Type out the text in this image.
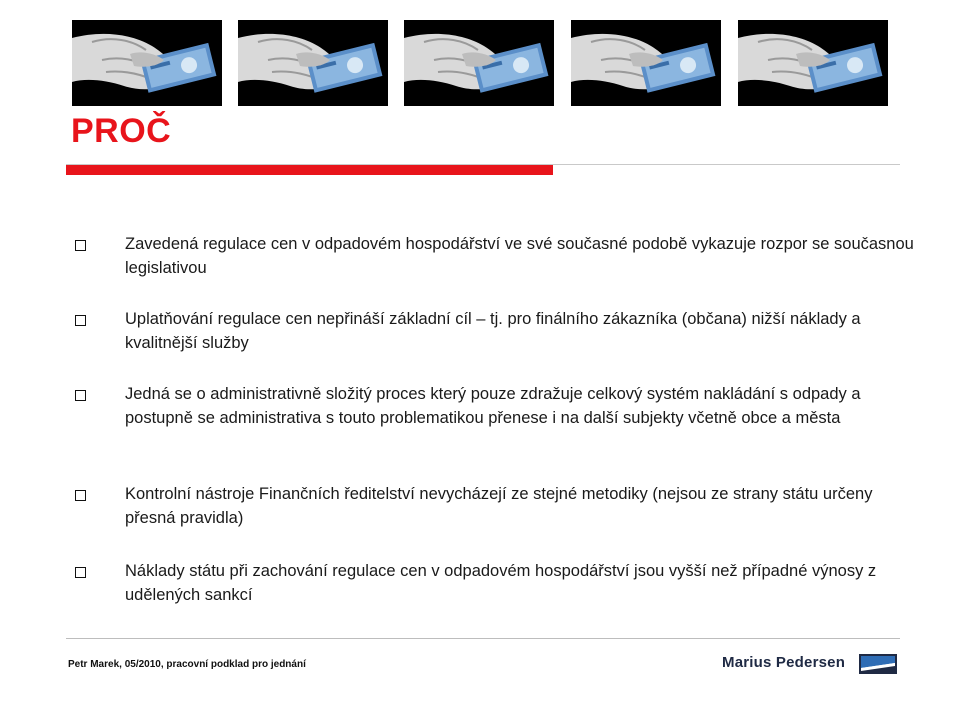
PROČ
Zavedená regulace cen v odpadovém hospodářství ve své současné podobě vykazuje rozpor se současnou legislativou
Uplatňování regulace cen nepřináší základní cíl – tj. pro finálního zákazníka (občana) nižší náklady a kvalitnější služby
Jedná se o administrativně složitý proces který pouze zdražuje celkový systém nakládání s odpady a postupně se administrativa s touto problematikou přenese i na další subjekty včetně obce a města
Kontrolní nástroje Finančních ředitelství nevycházejí ze stejné metodiky (nejsou ze strany státu určeny přesná pravidla)
Náklady státu při zachování regulace cen v odpadovém hospodářství jsou vyšší než případné výnosy z udělených sankcí
Petr Marek, 05/2010, pracovní podklad pro jednání	Marius Pedersen
